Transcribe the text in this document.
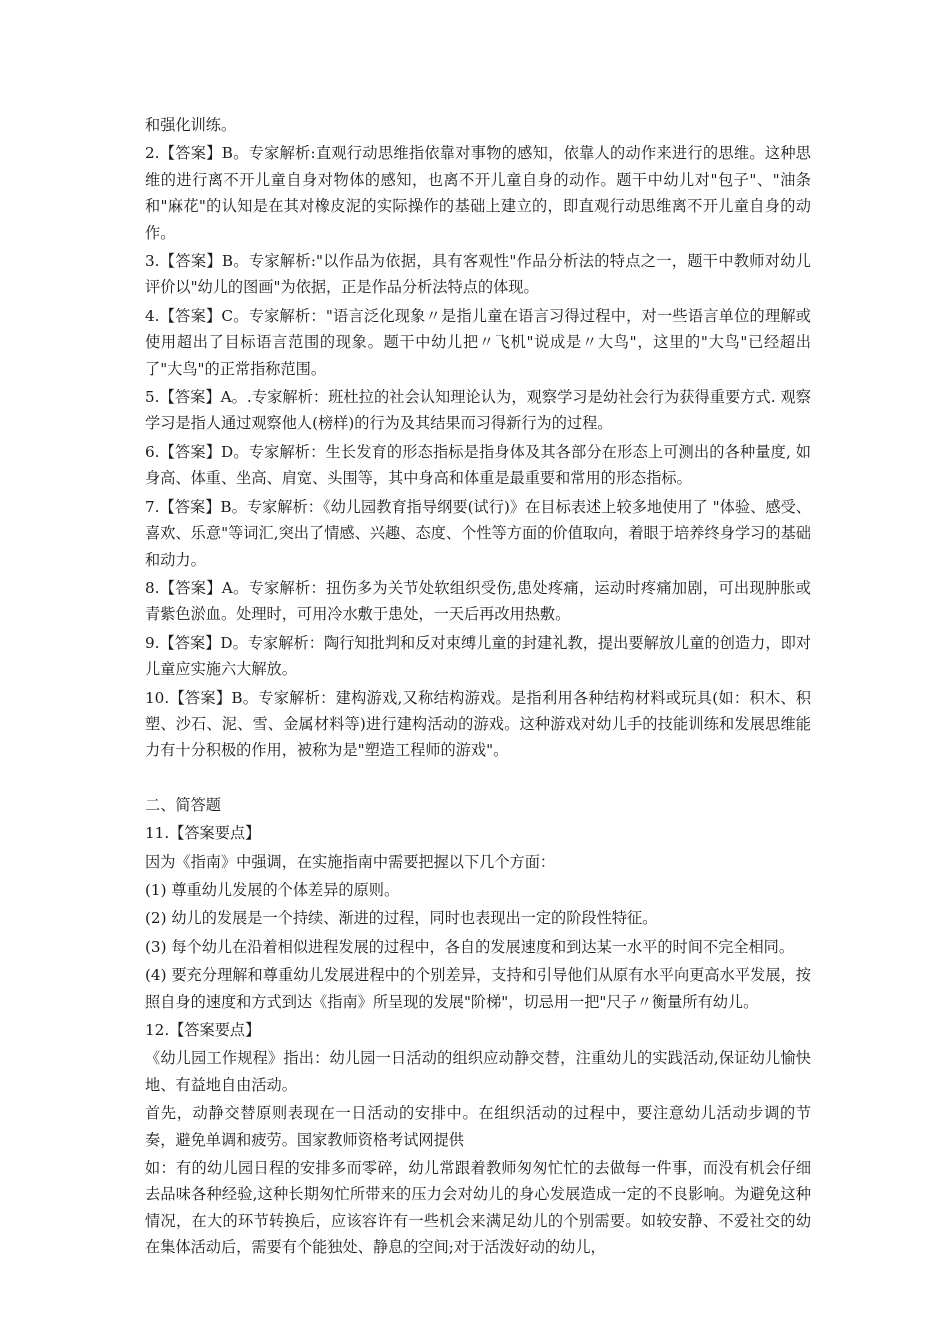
和强化训练。

2.【答案】B。专家解析:直观行动思维指依靠对事物的感知，依靠人的动作来进行的思维。这种思维的进行离不开儿童自身对物体的感知，也离不开儿童自身的动作。题干中幼儿对"包子"、"油条和"麻花"的认知是在其对橡皮泥的实际操作的基础上建立的，即直观行动思维离不开儿童自身的动作。

3.【答案】B。专家解析:"以作品为依据，具有客观性"作品分析法的特点之一，题干中教师对幼儿评价以"幼儿的图画"为依据，正是作品分析法特点的体现。

4.【答案】C。专家解析："语言泛化现象〃是指儿童在语言习得过程中，对一些语言单位的理解或使用超出了目标语言范围的现象。题干中幼儿把〃飞机"说成是〃大鸟"，这里的"大鸟"已经超出了"大鸟"的正常指称范围。

5.【答案】A。.专家解析：班杜拉的社会认知理论认为，观察学习是幼社会行为获得重要方式. 观察学习是指人通过观察他人(榜样)的行为及其结果而习得新行为的过程。

6.【答案】D。专家解析：生长发育的形态指标是指身体及其各部分在形态上可测出的各种量度, 如身高、体重、坐高、肩宽、头围等，其中身高和体重是最重要和常用的形态指标。

7.【答案】B。专家解析：《幼儿园教育指导纲要(试行)》在目标表述上较多地使用了 "体验、感受、喜欢、乐意"等词汇,突出了情感、兴趣、态度、个性等方面的价值取向，着眼于培养终身学习的基础和动力。

8.【答案】A。专家解析：扭伤多为关节处软组织受伤,患处疼痛，运动时疼痛加剧，可出现肿胀或青紫色淤血。处理时，可用冷水敷于患处，一天后再改用热敷。

9.【答案】D。专家解析：陶行知批判和反对束缚儿童的封建礼教，提出要解放儿童的创造力，即对儿童应实施六大解放。

10.【答案】B。专家解析：建构游戏,又称结构游戏。是指利用各种结构材料或玩具(如：积木、积塑、沙石、泥、雪、金属材料等)进行建构活动的游戏。这种游戏对幼儿手的技能训练和发展思维能力有十分积极的作用，被称为是"塑造工程师的游戏"。

二、简答题

11.【答案要点】

因为《指南》中强调，在实施指南中需要把握以下几个方面：

(1) 尊重幼儿发展的个体差异的原则。

(2) 幼儿的发展是一个持续、渐进的过程，同时也表现出一定的阶段性特征。

(3) 每个幼儿在沿着相似进程发展的过程中，各自的发展速度和到达某一水平的时间不完全相同。

(4) 要充分理解和尊重幼儿发展进程中的个别差异，支持和引导他们从原有水平向更高水平发展，按照自身的速度和方式到达《指南》所呈现的发展"阶梯"，切忌用一把"尺子〃衡量所有幼儿。

12.【答案要点】

《幼儿园工作规程》指出：幼儿园一日活动的组织应动静交替，注重幼儿的实践活动,保证幼儿愉快地、有益地自由活动。

首先，动静交替原则表现在一日活动的安排中。在组织活动的过程中，要注意幼儿活动步调的节奏，避免单调和疲劳。国家教师资格考试网提供

如：有的幼儿园日程的安排多而零碎，幼儿常跟着教师匆匆忙忙的去做每一件事，而没有机会仔细去品味各种经验,这种长期匆忙所带来的压力会对幼儿的身心发展造成一定的不良影响。为避免这种情况，在大的环节转换后，应该容许有一些机会来满足幼儿的个别需要。如较安静、不爱社交的幼在集体活动后，需要有个能独处、静息的空间;对于活泼好动的幼儿，
